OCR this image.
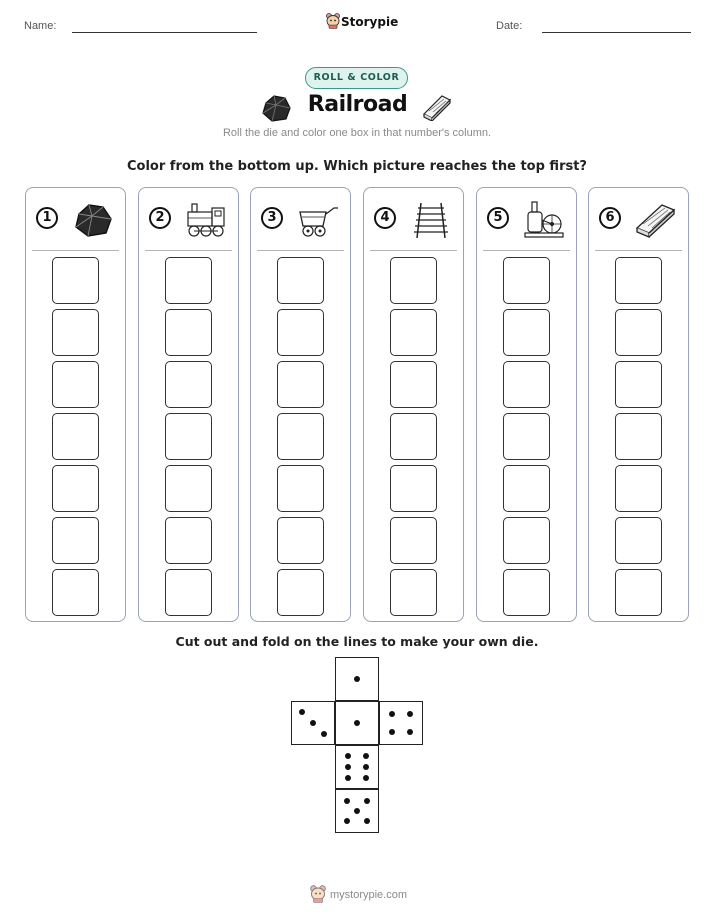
Name:	Storypie	Date:
ROLL & COLOR
Railroad
Roll the die and color one box in that number's column.
Color from the bottom up. Which picture reaches the top first?
1	2	3	4	5	6
Cut out and fold on the lines to make your own die.
mystorypie.com
